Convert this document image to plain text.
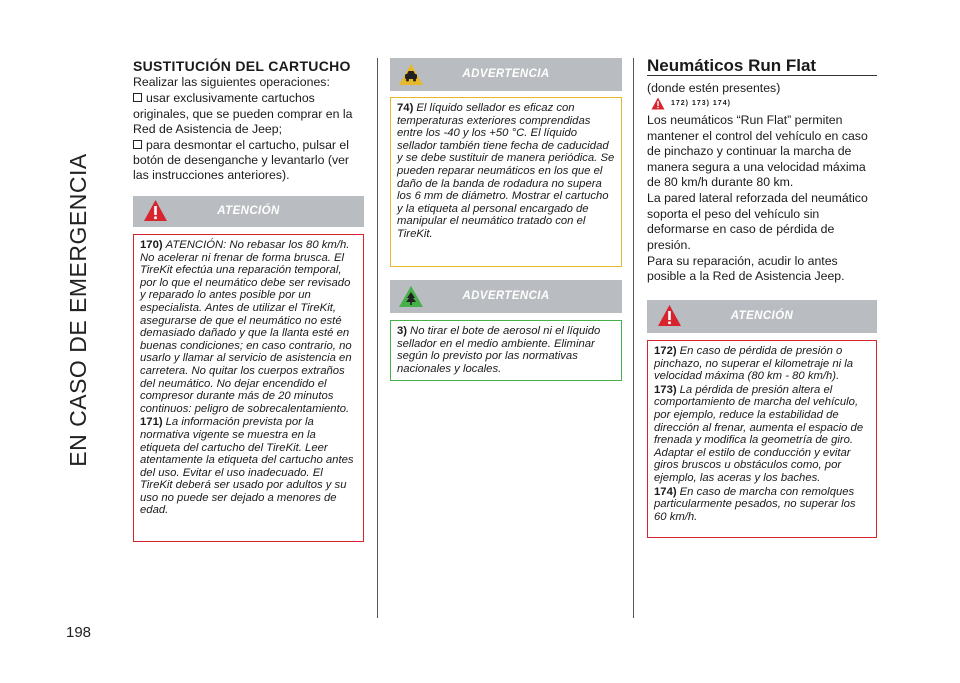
EN CASO DE EMERGENCIA
198
SUSTITUCIÓN DEL CARTUCHO

Realizar las siguientes operaciones:

usar exclusivamente cartuchos originales, que se pueden comprar en la Red de Asistencia de Jeep;

para desmontar el cartucho, pulsar el botón de desenganche y levantarlo (ver las instrucciones anteriores).

ATENCIÓN

170) ATENCIÓN: No rebasar los 80 km/h. No acelerar ni frenar de forma brusca. El TireKit efectúa una reparación temporal, por lo que el neumático debe ser revisado y reparado lo antes posible por un especialista. Antes de utilizar el TireKit, asegurarse de que el neumático no esté demasiado dañado y que la llanta esté en buenas condiciones; en caso contrario, no usarlo y llamar al servicio de asistencia en carretera. No quitar los cuerpos extraños del neumático. No dejar encendido el compresor durante más de 20 minutos continuos: peligro de sobrecalentamiento.

171) La información prevista por la normativa vigente se muestra en la etiqueta del cartucho del TireKit. Leer atentamente la etiqueta del cartucho antes del uso. Evitar el uso inadecuado. El TireKit deberá ser usado por adultos y su uso no puede ser dejado a menores de edad.

ADVERTENCIA

74) El líquido sellador es eficaz con temperaturas exteriores comprendidas entre los -40 y los +50 °C. El líquido sellador también tiene fecha de caducidad y se debe sustituir de manera periódica. Se pueden reparar neumáticos en los que el daño de la banda de rodadura no supera los 6 mm de diámetro. Mostrar el cartucho y la etiqueta al personal encargado de manipular el neumático tratado con el TireKit.

ADVERTENCIA

3) No tirar el bote de aerosol ni el líquido sellador en el medio ambiente. Eliminar según lo previsto por las normativas nacionales y locales.

Neumáticos Run Flat

(donde estén presentes)

172) 173) 174)

Los neumáticos “Run Flat” permiten mantener el control del vehículo en caso de pinchazo y continuar la marcha de manera segura a una velocidad máxima de 80 km/h durante 80 km.

La pared lateral reforzada del neumático soporta el peso del vehículo sin deformarse en caso de pérdida de presión.

Para su reparación, acudir lo antes posible a la Red de Asistencia Jeep.

ATENCIÓN

172) En caso de pérdida de presión o pinchazo, no superar el kilometraje ni la velocidad máxima (80 km - 80 km/h).

173) La pérdida de presión altera el comportamiento de marcha del vehículo, por ejemplo, reduce la estabilidad de dirección al frenar, aumenta el espacio de frenada y modifica la geometría de giro. Adaptar el estilo de conducción y evitar giros bruscos u obstáculos como, por ejemplo, las aceras y los baches.

174) En caso de marcha con remolques particularmente pesados, no superar los 60 km/h.
